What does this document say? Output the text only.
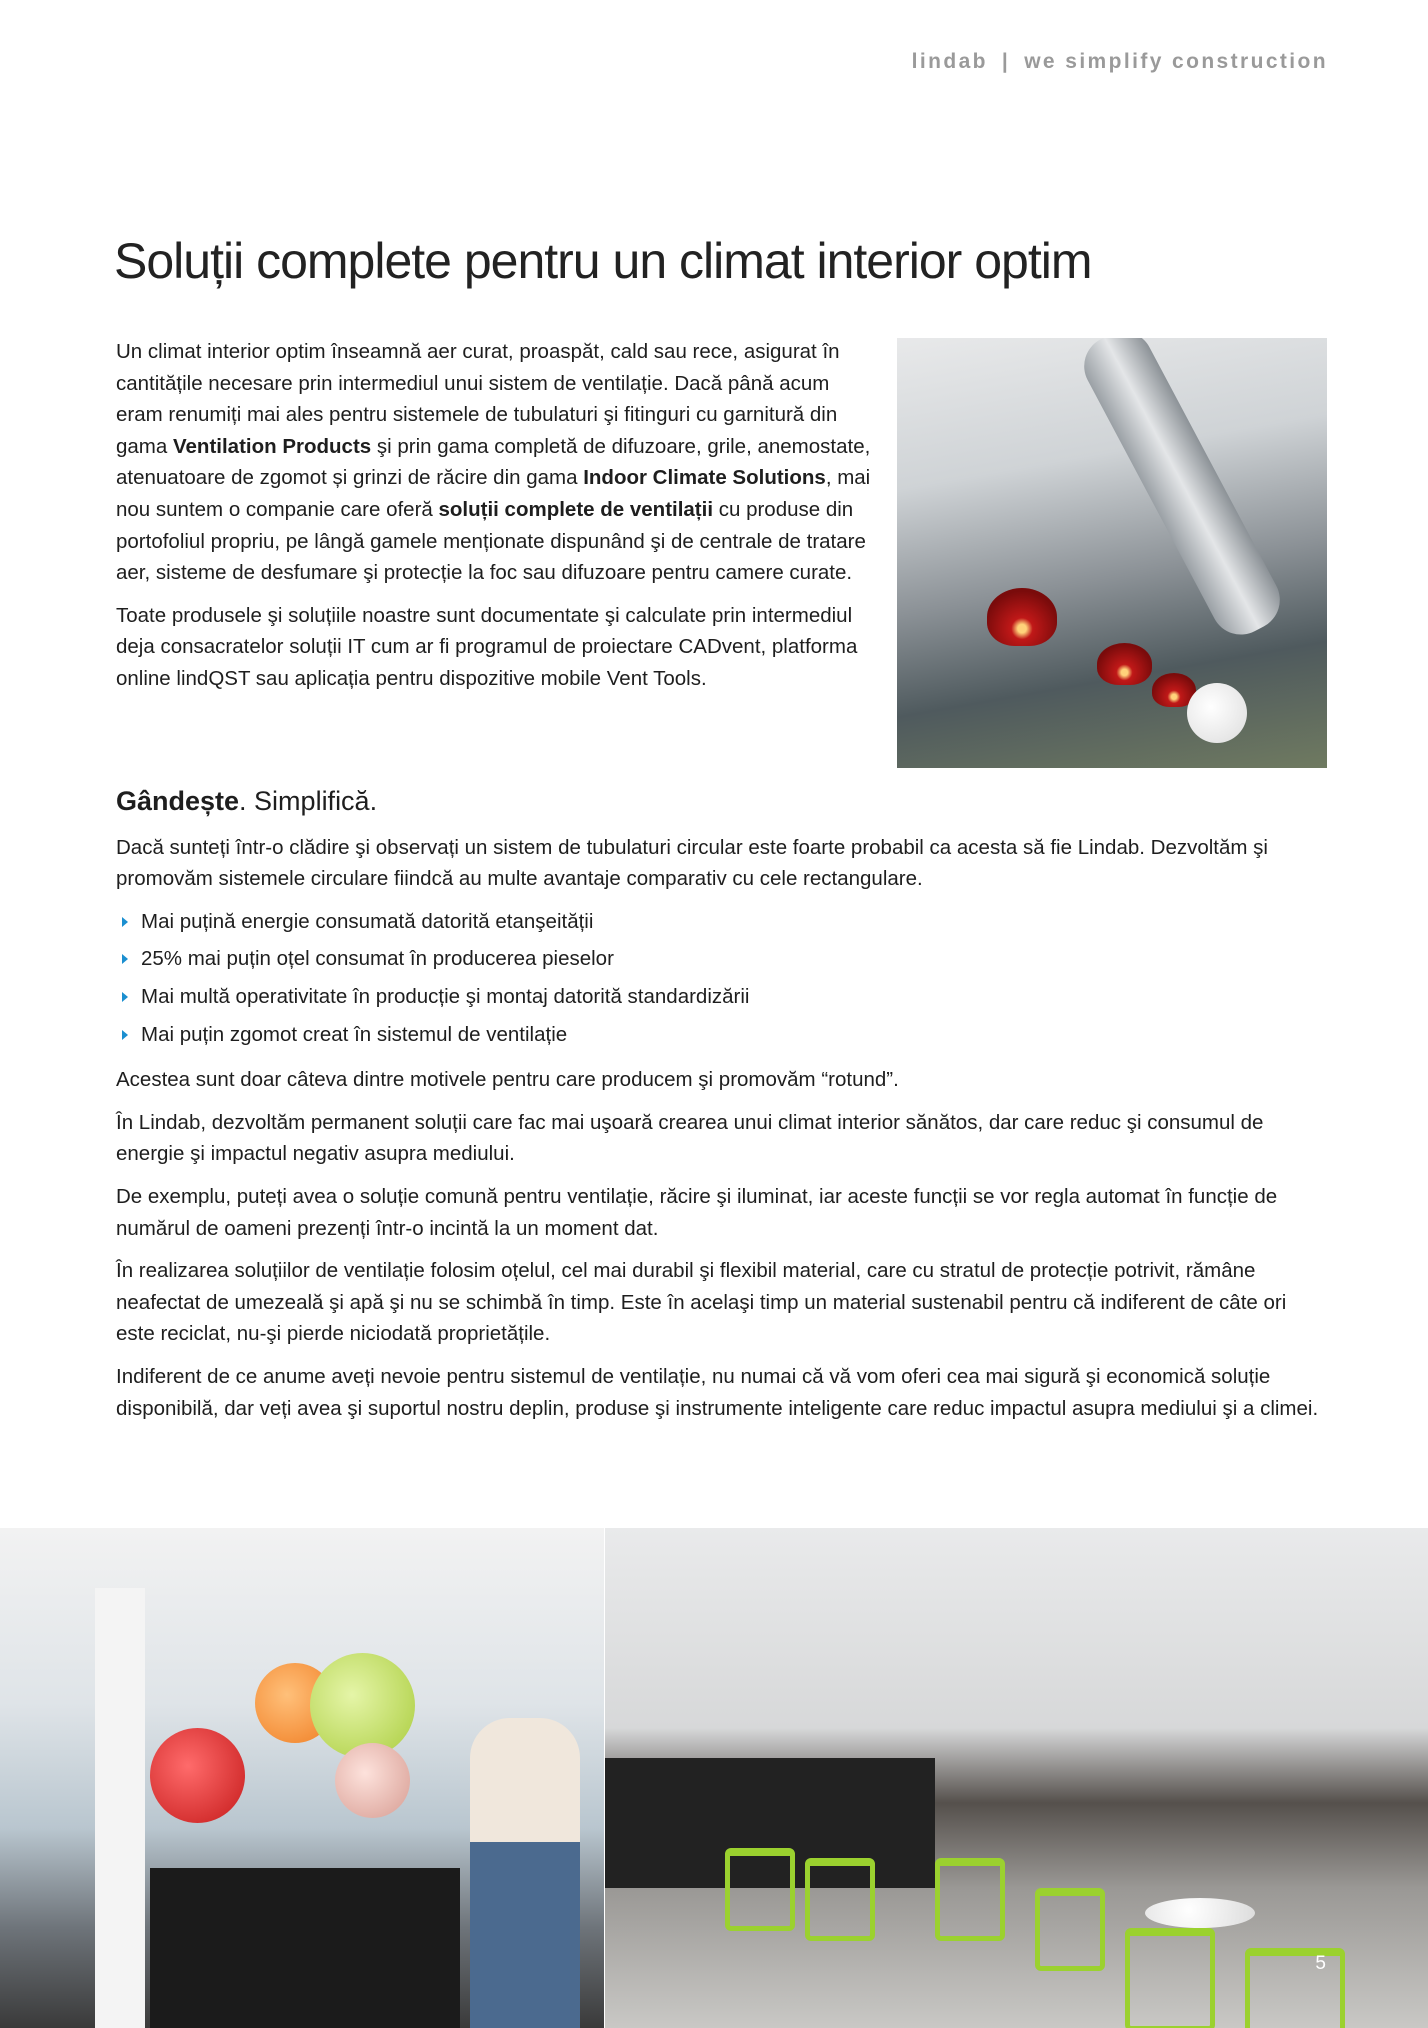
lindab | we simplify construction
Soluții complete pentru un climat interior optim

Un climat interior optim înseamnă aer curat, proaspăt, cald sau rece, asigurat în cantitățile necesare prin intermediul unui sistem de ventilație. Dacă până acum eram renumiți mai ales pentru sistemele de tubulaturi şi fitinguri cu garnitură din gama Ventilation Products şi prin gama completă de difuzoare, grile, anemostate, atenuatoare de zgomot și grinzi de răcire din gama Indoor Climate Solutions, mai nou suntem o companie care oferă soluții complete de ventilații cu produse din portofoliul propriu, pe lângă gamele menționate dispunând şi de centrale de tratare aer, sisteme de desfumare şi protecție la foc sau difuzoare pentru camere curate.

Toate produsele şi soluțiile noastre sunt documentate şi calculate prin intermediul deja consacratelor soluții IT cum ar fi programul de proiectare CADvent, platforma online lindQST sau aplicația pentru dispozitive mobile Vent Tools.

Gândește. Simplifică.

Dacă sunteți într-o clădire şi observați un sistem de tubulaturi circular este foarte probabil ca acesta să fie Lindab. Dezvoltăm şi promovăm sistemele circulare fiindcă au multe avantaje comparativ cu cele rectangulare.

Mai puțină energie consumată datorită etanşeității
25% mai puțin oțel consumat în producerea pieselor
Mai multă operativitate în producție şi montaj datorită standardizării
Mai puțin zgomot creat în sistemul de ventilație

Acestea sunt doar câteva dintre motivele pentru care producem şi promovăm “rotund”.

În Lindab, dezvoltăm permanent soluții care fac mai uşoară crearea unui climat interior sănătos, dar care reduc şi consumul de energie şi impactul negativ asupra mediului.

De exemplu, puteți avea o soluție comună pentru ventilație, răcire şi iluminat, iar aceste funcții se vor regla automat în funcție de numărul de oameni prezenți într-o incintă la un moment dat.

În realizarea soluțiilor de ventilație folosim oțelul, cel mai durabil şi flexibil material, care cu stratul de protecție potrivit, rămâne neafectat de umezeală şi apă şi nu se schimbă în timp. Este în acelaşi timp un material sustenabil pentru că indiferent de câte ori este reciclat, nu-şi pierde niciodată proprietățile.

Indiferent de ce anume aveți nevoie pentru sistemul de ventilație, nu numai că vă vom oferi cea mai sigură şi economică soluție disponibilă, dar veți avea şi suportul nostru deplin, produse şi instrumente inteligente care reduc impactul asupra mediului şi a climei.

5
